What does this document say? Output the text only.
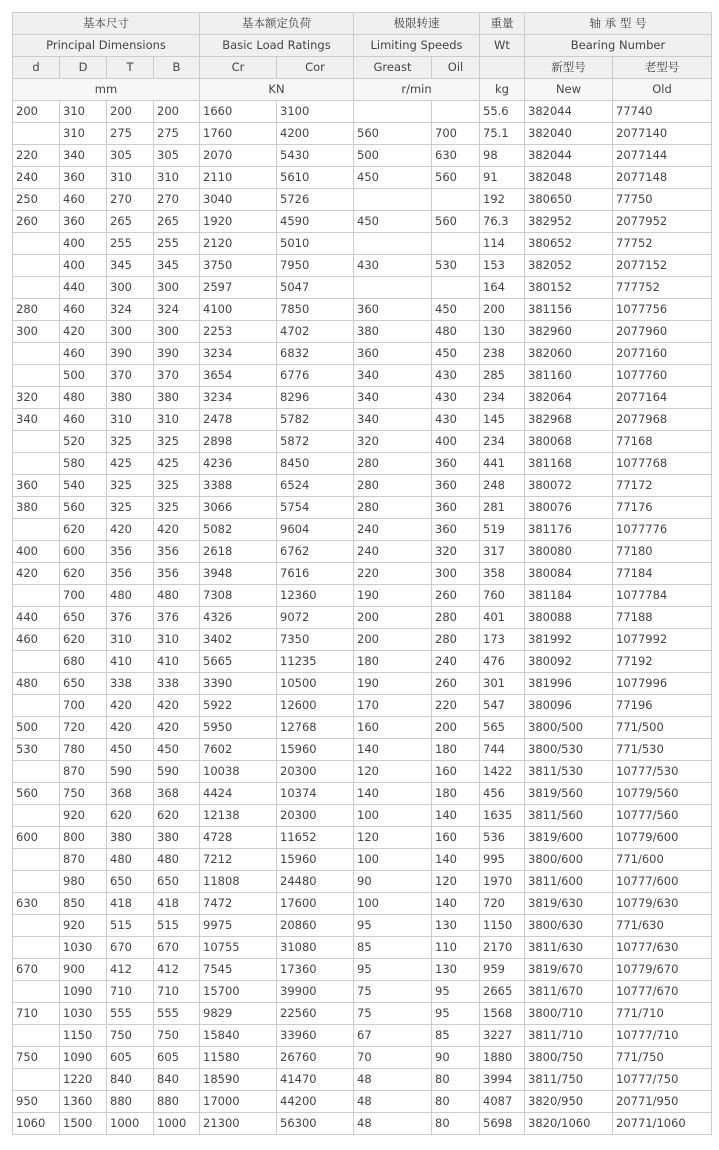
基本尺寸				基本额定负荷		极限转速		重量	轴 承 型 号	
Principal Dimensions				Basic Load Ratings		Limiting Speeds		Wt	Bearing Number	
d	D	T	B	Cr	Cor	Greast	Oil		新型号	老型号
mm				KN		r/min		kg	New	Old
200	310	200	200	1660	3100			55.6	382044	77740
	310	275	275	1760	4200	560	700	75.1	382040	2077140
220	340	305	305	2070	5430	500	630	98	382044	2077144
240	360	310	310	2110	5610	450	560	91	382048	2077148
250	460	270	270	3040	5726			192	380650	77750
260	360	265	265	1920	4590	450	560	76.3	382952	2077952
	400	255	255	2120	5010			114	380652	77752
	400	345	345	3750	7950	430	530	153	382052	2077152
	440	300	300	2597	5047			164	380152	777752
280	460	324	324	4100	7850	360	450	200	381156	1077756
300	420	300	300	2253	4702	380	480	130	382960	2077960
	460	390	390	3234	6832	360	450	238	382060	2077160
	500	370	370	3654	6776	340	430	285	381160	1077760
320	480	380	380	3234	8296	340	430	234	382064	2077164
340	460	310	310	2478	5782	340	430	145	382968	2077968
	520	325	325	2898	5872	320	400	234	380068	77168
	580	425	425	4236	8450	280	360	441	381168	1077768
360	540	325	325	3388	6524	280	360	248	380072	77172
380	560	325	325	3066	5754	280	360	281	380076	77176
	620	420	420	5082	9604	240	360	519	381176	1077776
400	600	356	356	2618	6762	240	320	317	380080	77180
420	620	356	356	3948	7616	220	300	358	380084	77184
	700	480	480	7308	12360	190	260	760	381184	1077784
440	650	376	376	4326	9072	200	280	401	380088	77188
460	620	310	310	3402	7350	200	280	173	381992	1077992
	680	410	410	5665	11235	180	240	476	380092	77192
480	650	338	338	3390	10500	190	260	301	381996	1077996
	700	420	420	5922	12600	170	220	547	380096	77196
500	720	420	420	5950	12768	160	200	565	3800/500	771/500
530	780	450	450	7602	15960	140	180	744	3800/530	771/530
	870	590	590	10038	20300	120	160	1422	3811/530	10777/530
560	750	368	368	4424	10374	140	180	456	3819/560	10779/560
	920	620	620	12138	20300	100	140	1635	3811/560	10777/560
600	800	380	380	4728	11652	120	160	536	3819/600	10779/600
	870	480	480	7212	15960	100	140	995	3800/600	771/600
	980	650	650	11808	24480	90	120	1970	3811/600	10777/600
630	850	418	418	7472	17600	100	140	720	3819/630	10779/630
	920	515	515	9975	20860	95	130	1150	3800/630	771/630
	1030	670	670	10755	31080	85	110	2170	3811/630	10777/630
670	900	412	412	7545	17360	95	130	959	3819/670	10779/670
	1090	710	710	15700	39900	75	95	2665	3811/670	10777/670
710	1030	555	555	9829	22560	75	95	1568	3800/710	771/710
	1150	750	750	15840	33960	67	85	3227	3811/710	10777/710
750	1090	605	605	11580	26760	70	90	1880	3800/750	771/750
	1220	840	840	18590	41470	48	80	3994	3811/750	10777/750
950	1360	880	880	17000	44200	48	80	4087	3820/950	20771/950
1060	1500	1000	1000	21300	56300	48	80	5698	3820/1060	20771/1060
